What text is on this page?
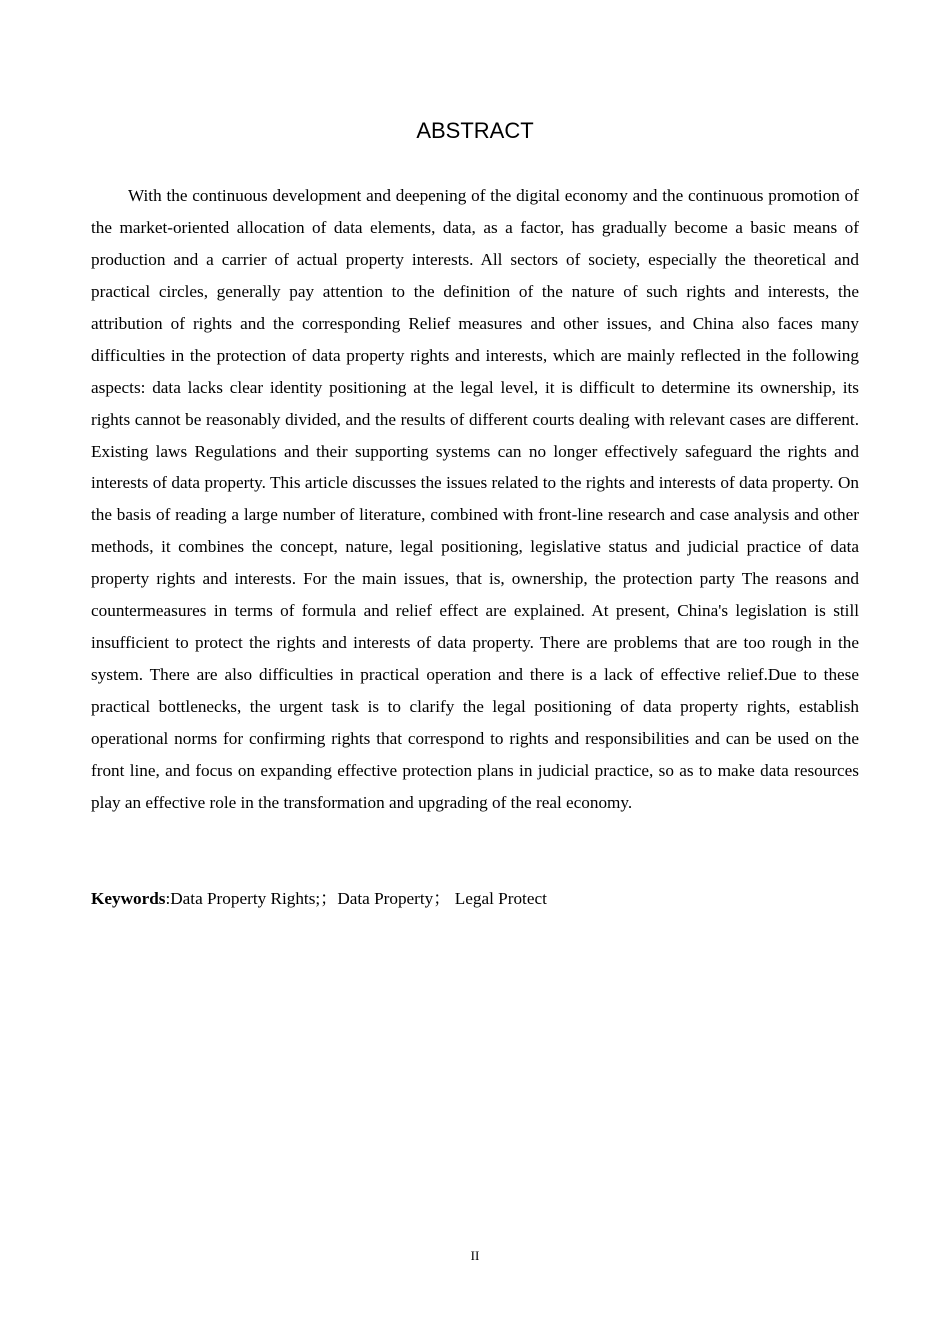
ABSTRACT

With the continuous development and deepening of the digital economy and the continuous promotion of the market-oriented allocation of data elements, data, as a factor, has gradually become a basic means of production and a carrier of actual property interests. All sectors of society, especially the theoretical and practical circles, generally pay attention to the definition of the nature of such rights and interests, the attribution of rights and the corresponding Relief measures and other issues, and China also faces many difficulties in the protection of data property rights and interests, which are mainly reflected in the following aspects: data lacks clear identity positioning at the legal level, it is difficult to determine its ownership, its rights cannot be reasonably divided, and the results of different courts dealing with relevant cases are different. Existing laws Regulations and their supporting systems can no longer effectively safeguard the rights and interests of data property. This article discusses the issues related to the rights and interests of data property. On the basis of reading a large number of literature, combined with front-line research and case analysis and other methods, it combines the concept, nature, legal positioning, legislative status and judicial practice of data property rights and interests. For the main issues, that is, ownership, the protection party The reasons and countermeasures in terms of formula and relief effect are explained. At present, China's legislation is still insufficient to protect the rights and interests of data property. There are problems that are too rough in the system. There are also difficulties in practical operation and there is a lack of effective relief.Due to these practical bottlenecks, the urgent task is to clarify the legal positioning of data property rights, establish operational norms for confirming rights that correspond to rights and responsibilities and can be used on the front line, and focus on expanding effective protection plans in judicial practice, so as to make data resources play an effective role in the transformation and upgrading of the real economy.

Keywords:Data Property Rights;；Data Property； Legal Protect

II
